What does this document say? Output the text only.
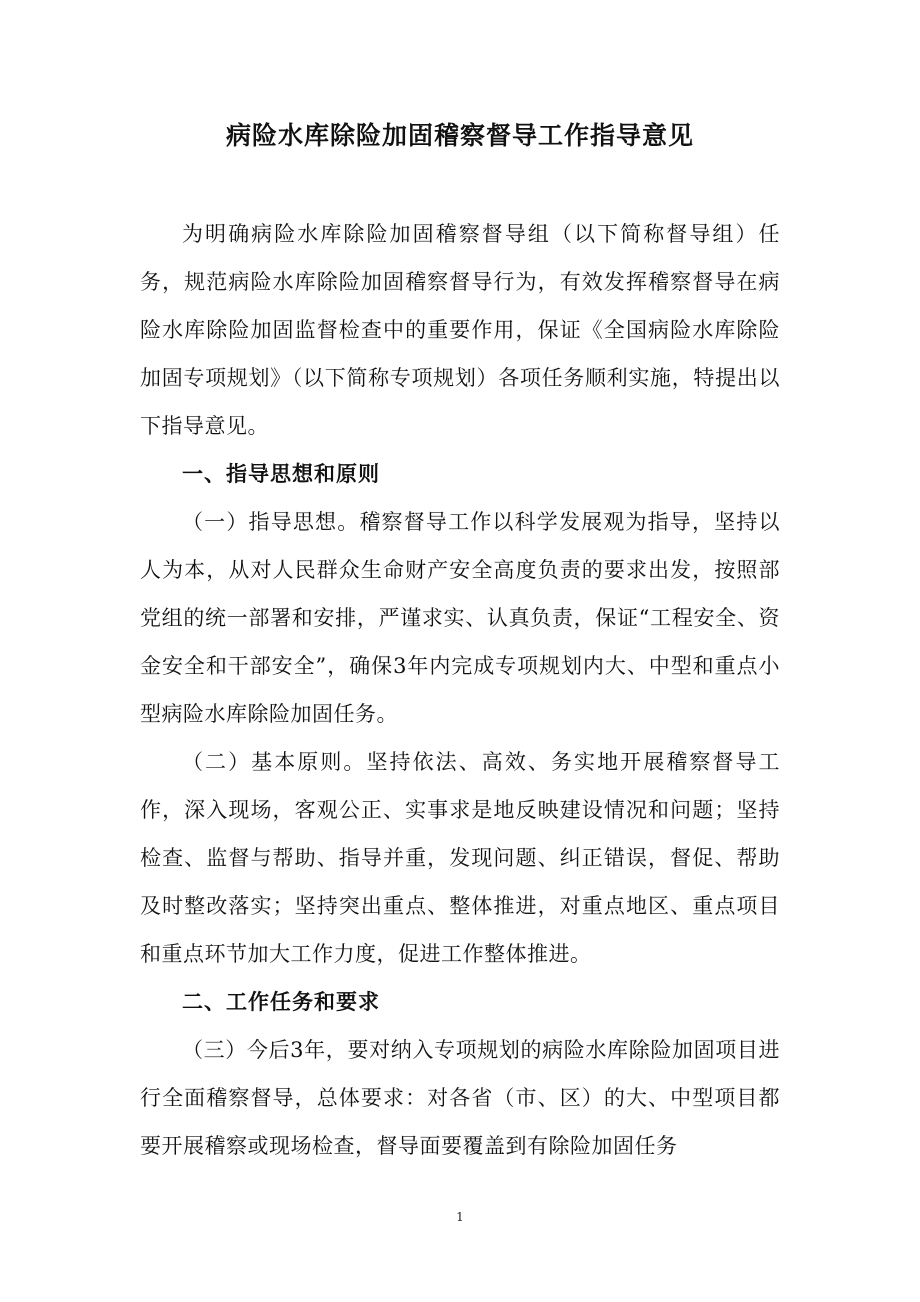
病险水库除险加固稽察督导工作指导意见

为明确病险水库除险加固稽察督导组（以下简称督导组）任务，规范病险水库除险加固稽察督导行为，有效发挥稽察督导在病险水库除险加固监督检查中的重要作用，保证《全国病险水库除险加固专项规划》（以下简称专项规划）各项任务顺利实施，特提出以下指导意见。

一、指导思想和原则

（一）指导思想。稽察督导工作以科学发展观为指导，坚持以人为本，从对人民群众生命财产安全高度负责的要求出发，按照部党组的统一部署和安排，严谨求实、认真负责，保证“工程安全、资金安全和干部安全”，确保3年内完成专项规划内大、中型和重点小型病险水库除险加固任务。

（二）基本原则。坚持依法、高效、务实地开展稽察督导工作，深入现场，客观公正、实事求是地反映建设情况和问题；坚持检查、监督与帮助、指导并重，发现问题、纠正错误，督促、帮助及时整改落实；坚持突出重点、整体推进，对重点地区、重点项目和重点环节加大工作力度，促进工作整体推进。

二、工作任务和要求

（三）今后3年，要对纳入专项规划的病险水库除险加固项目进行全面稽察督导，总体要求：对各省（市、区）的大、中型项目都要开展稽察或现场检查，督导面要覆盖到有除险加固任务

1
